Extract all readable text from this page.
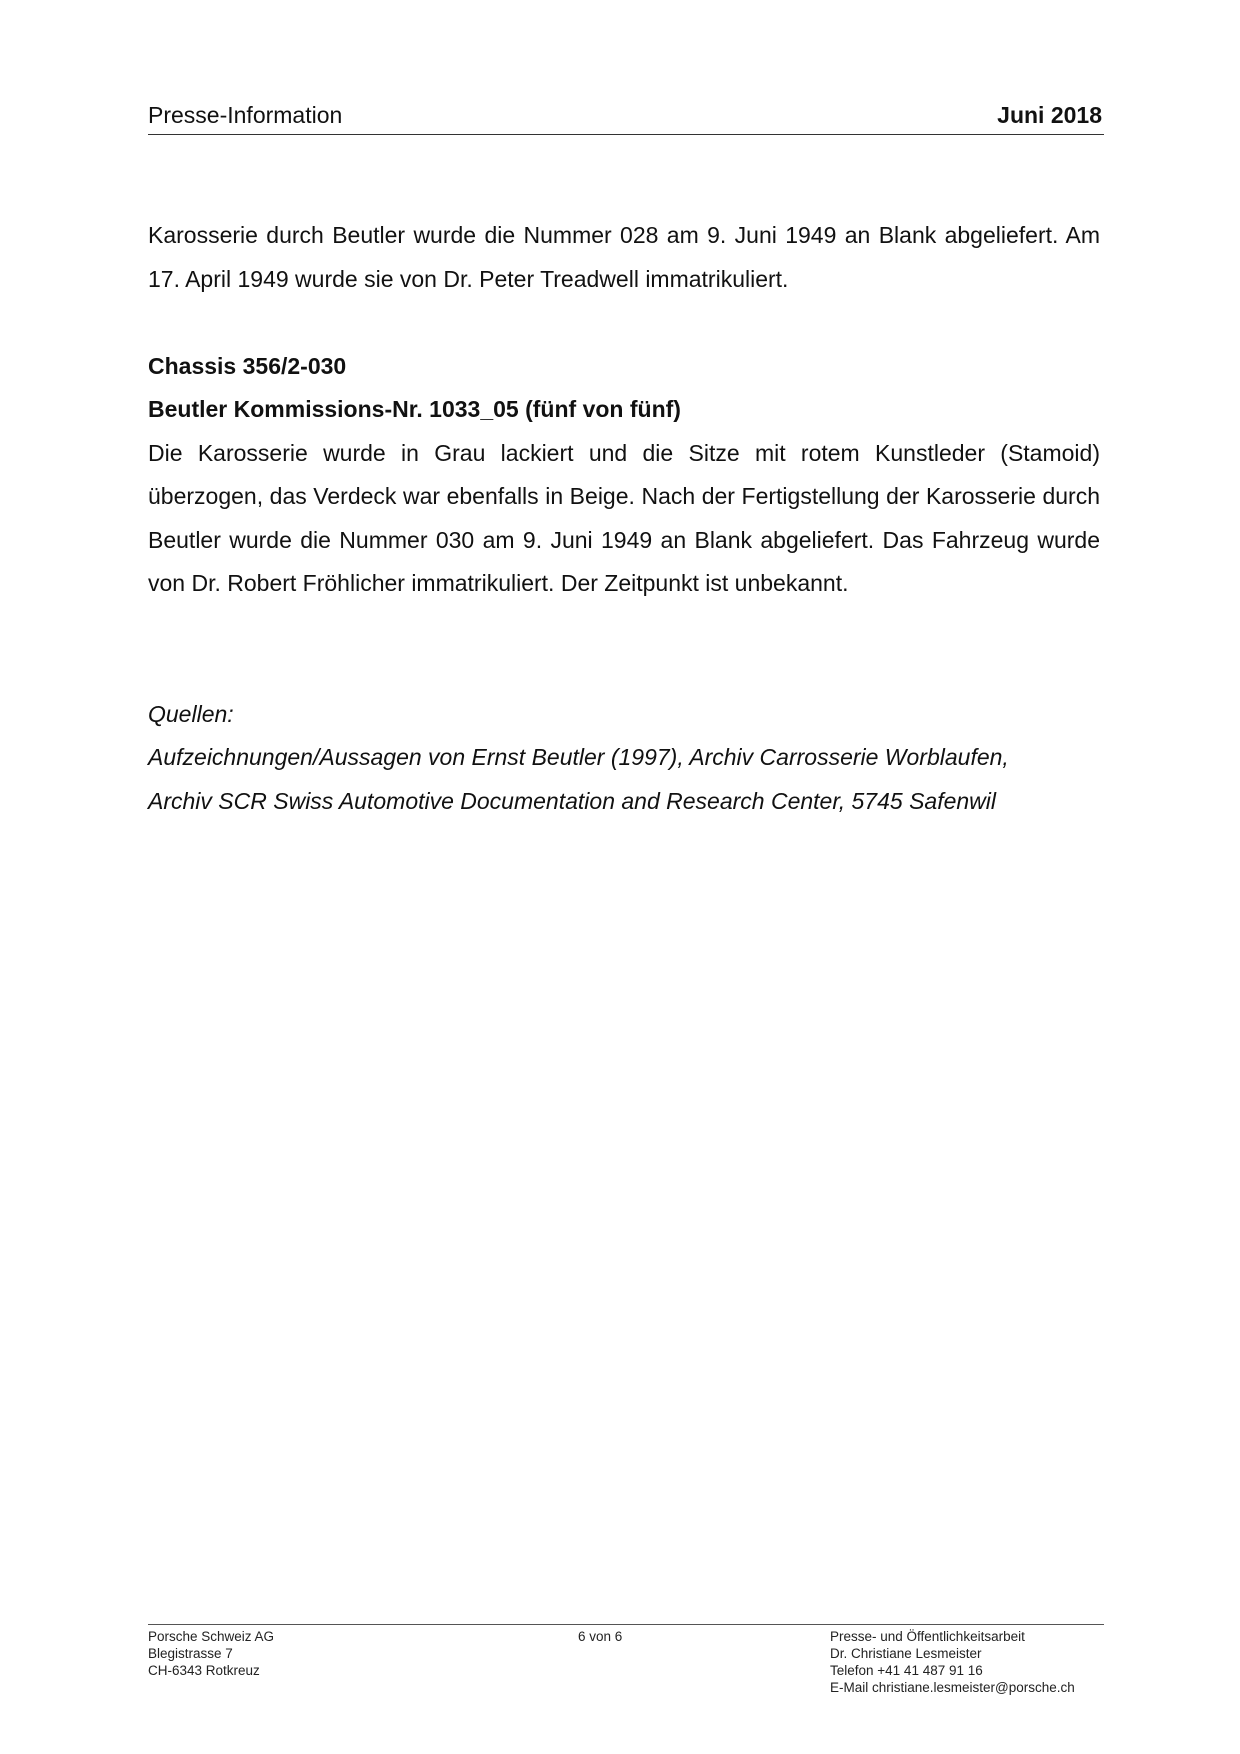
Presse-Information	Juni 2018

Karosserie durch Beutler wurde die Nummer 028 am 9. Juni 1949 an Blank abgeliefert. Am 17. April 1949 wurde sie von Dr. Peter Treadwell immatrikuliert.

Chassis 356/2-030

Beutler Kommissions-Nr. 1033_05 (fünf von fünf)

Die Karosserie wurde in Grau lackiert und die Sitze mit rotem Kunstleder (Stamoid) überzogen, das Verdeck war ebenfalls in Beige. Nach der Fertigstellung der Karosserie durch Beutler wurde die Nummer 030 am 9. Juni 1949 an Blank abgeliefert. Das Fahrzeug wurde von Dr. Robert Fröhlicher immatrikuliert. Der Zeitpunkt ist unbekannt.

Quellen:

Aufzeichnungen/Aussagen von Ernst Beutler (1997), Archiv Carrosserie Worblaufen,

Archiv SCR Swiss Automotive Documentation and Research Center, 5745 Safenwil

Porsche Schweiz AG
Blegistrasse 7
CH-6343 Rotkreuz
6 von 6	Presse- und Öffentlichkeitsarbeit
Dr. Christiane Lesmeister
Telefon +41 41 487 91 16
E-Mail christiane.lesmeister@porsche.ch
